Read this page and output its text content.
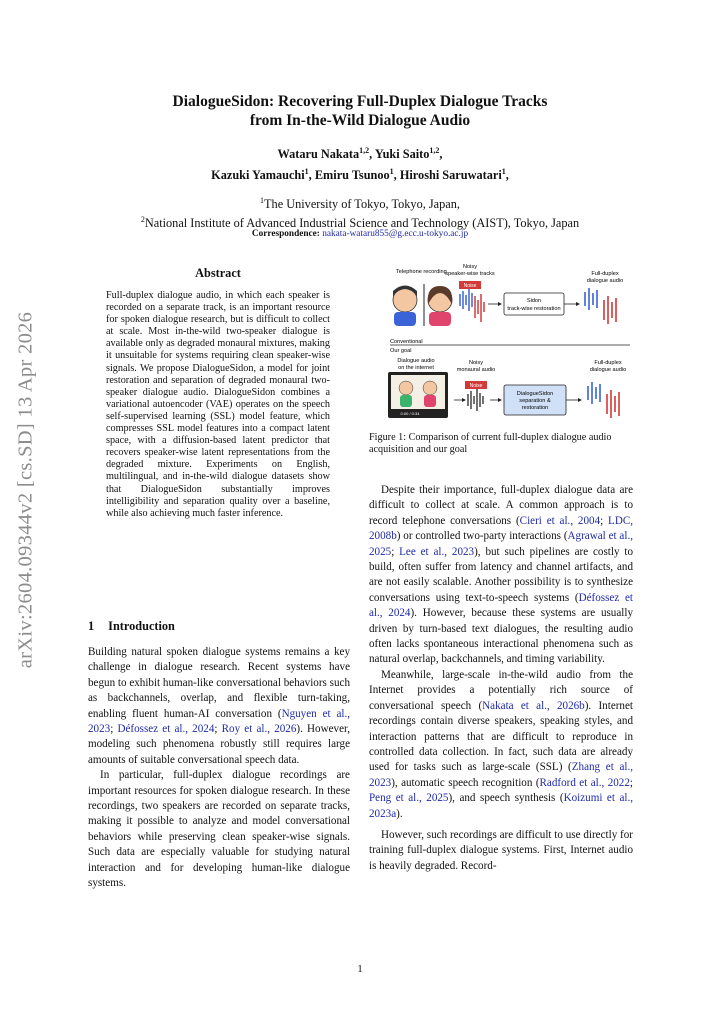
DialogueSidon: Recovering Full-Duplex Dialogue Tracks
from In-the-Wild Dialogue Audio
Wataru Nakata$^{1,2}$, Yuki Saito$^{1,2}$,
Kazuki Yamauchi$^1$, Emiru Tsunoo$^1$, Hiroshi Saruwatari$^1$,
$^1$The University of Tokyo, Tokyo, Japan,
$^2$National Institute of Advanced Industrial Science and Technology (AIST), Tokyo, Japan
Correspondence: nakata-wataru855@g.ecc.u-tokyo.ac.jp
arXiv:2604.09344v2 [cs.SD] 13 Apr 2026
Abstract
Full-duplex dialogue audio, in which each speaker is recorded on a separate track, is an important resource for spoken dialogue research, but is difficult to collect at scale. Most in-the-wild two-speaker dialogue is available only as degraded monaural mixtures, making it unsuitable for systems requiring clean speaker-wise signals. We propose DialogueSidon, a model for joint restoration and separation of degraded monaural two-speaker dialogue audio. DialogueSidon combines a variational autoencoder (VAE) operates on the speech self-supervised learning (SSL) model feature, which compresses SSL model features into a compact latent space, with a diffusion-based latent predictor that recovers speaker-wise latent representations from the degraded mixture. Experiments on English, multilingual, and in-the-wild dialogue datasets show that DialogueSidon substantially improves intelligibility and separation quality over a baseline, while also achieving much faster inference.
1 Introduction

Building natural spoken dialogue systems remains a key challenge in dialogue research. Recent systems have begun to exhibit human-like conversational behaviors such as backchannels, overlap, and flexible turn-taking, enabling fluent human-AI conversation (Nguyen et al., 2023; Défossez et al., 2024; Roy et al., 2026). However, modeling such phenomena robustly still requires large amounts of suitable conversational speech data.

In particular, full-duplex dialogue recordings are important resources for spoken dialogue research. In these recordings, two speakers are recorded on separate tracks, making it possible to analyze and model conversational behaviors while preserving clean speaker-wise signals. Such data are especially valuable for studying natural interaction and for developing human-like dialogue systems.

Telephone recording
Noisy
speaker-wise tracks	Full-duplex
dialogue audio
Noise
Sidon
track-wise restoration
Conventional
Our goal
Dialogue audio
on the internet
Noisy
monaural audio
Full-duplex
dialogue audio
0:00 / 0:34
Noise
DialogueSidon
separation &
restoration
Figure 1: Comparison of current full-duplex dialogue audio acquisition and our goal

Despite their importance, full-duplex dialogue data are difficult to collect at scale. A common approach is to record telephone conversations (Cieri et al., 2004; LDC, 2008b) or controlled two-party interactions (Agrawal et al., 2025; Lee et al., 2023), but such pipelines are costly to build, often suffer from latency and channel artifacts, and are not easily scalable. Another possibility is to synthesize conversations using text-to-speech systems (Défossez et al., 2024). However, because these systems are usually driven by turn-based text dialogues, the resulting audio often lacks spontaneous interactional phenomena such as natural overlap, backchannels, and timing variability.

Meanwhile, large-scale in-the-wild audio from the Internet provides a potentially rich source of conversational speech (Nakata et al., 2026b). Internet recordings contain diverse speakers, speaking styles, and interaction patterns that are difficult to reproduce in controlled data collection. In fact, such data are already used for tasks such as large-scale (SSL) (Zhang et al., 2023), automatic speech recognition (Radford et al., 2022; Peng et al., 2025), and speech synthesis (Koizumi et al., 2023a).

However, such recordings are difficult to use directly for training full-duplex dialogue systems. First, Internet audio is heavily degraded. Record-

1
